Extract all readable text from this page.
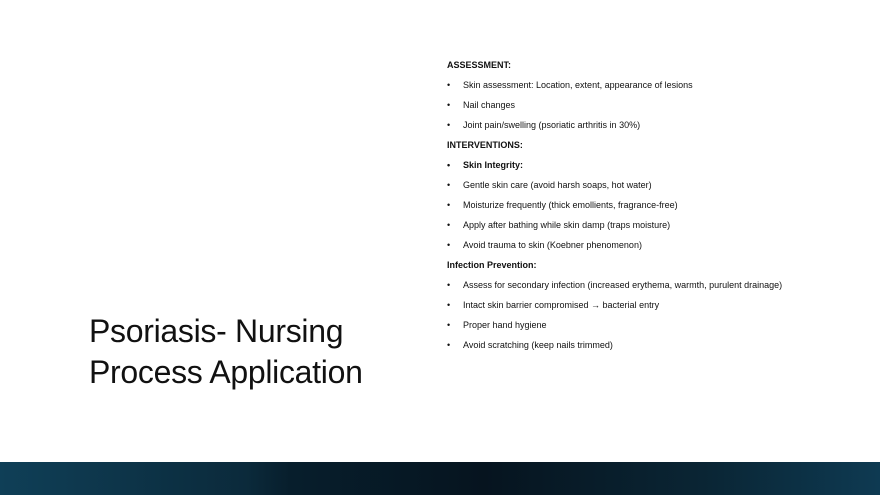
Psoriasis- Nursing
Process Application
ASSESSMENT:
• Skin assessment: Location, extent, appearance of lesions
• Nail changes
• Joint pain/swelling (psoriatic arthritis in 30%)
INTERVENTIONS:
• Skin Integrity:
• Gentle skin care (avoid harsh soaps, hot water)
• Moisturize frequently (thick emollients, fragrance-free)
• Apply after bathing while skin damp (traps moisture)
• Avoid trauma to skin (Koebner phenomenon)
Infection Prevention:
• Assess for secondary infection (increased erythema, warmth, purulent drainage)
• Intact skin barrier compromised → bacterial entry
• Proper hand hygiene
• Avoid scratching (keep nails trimmed)
